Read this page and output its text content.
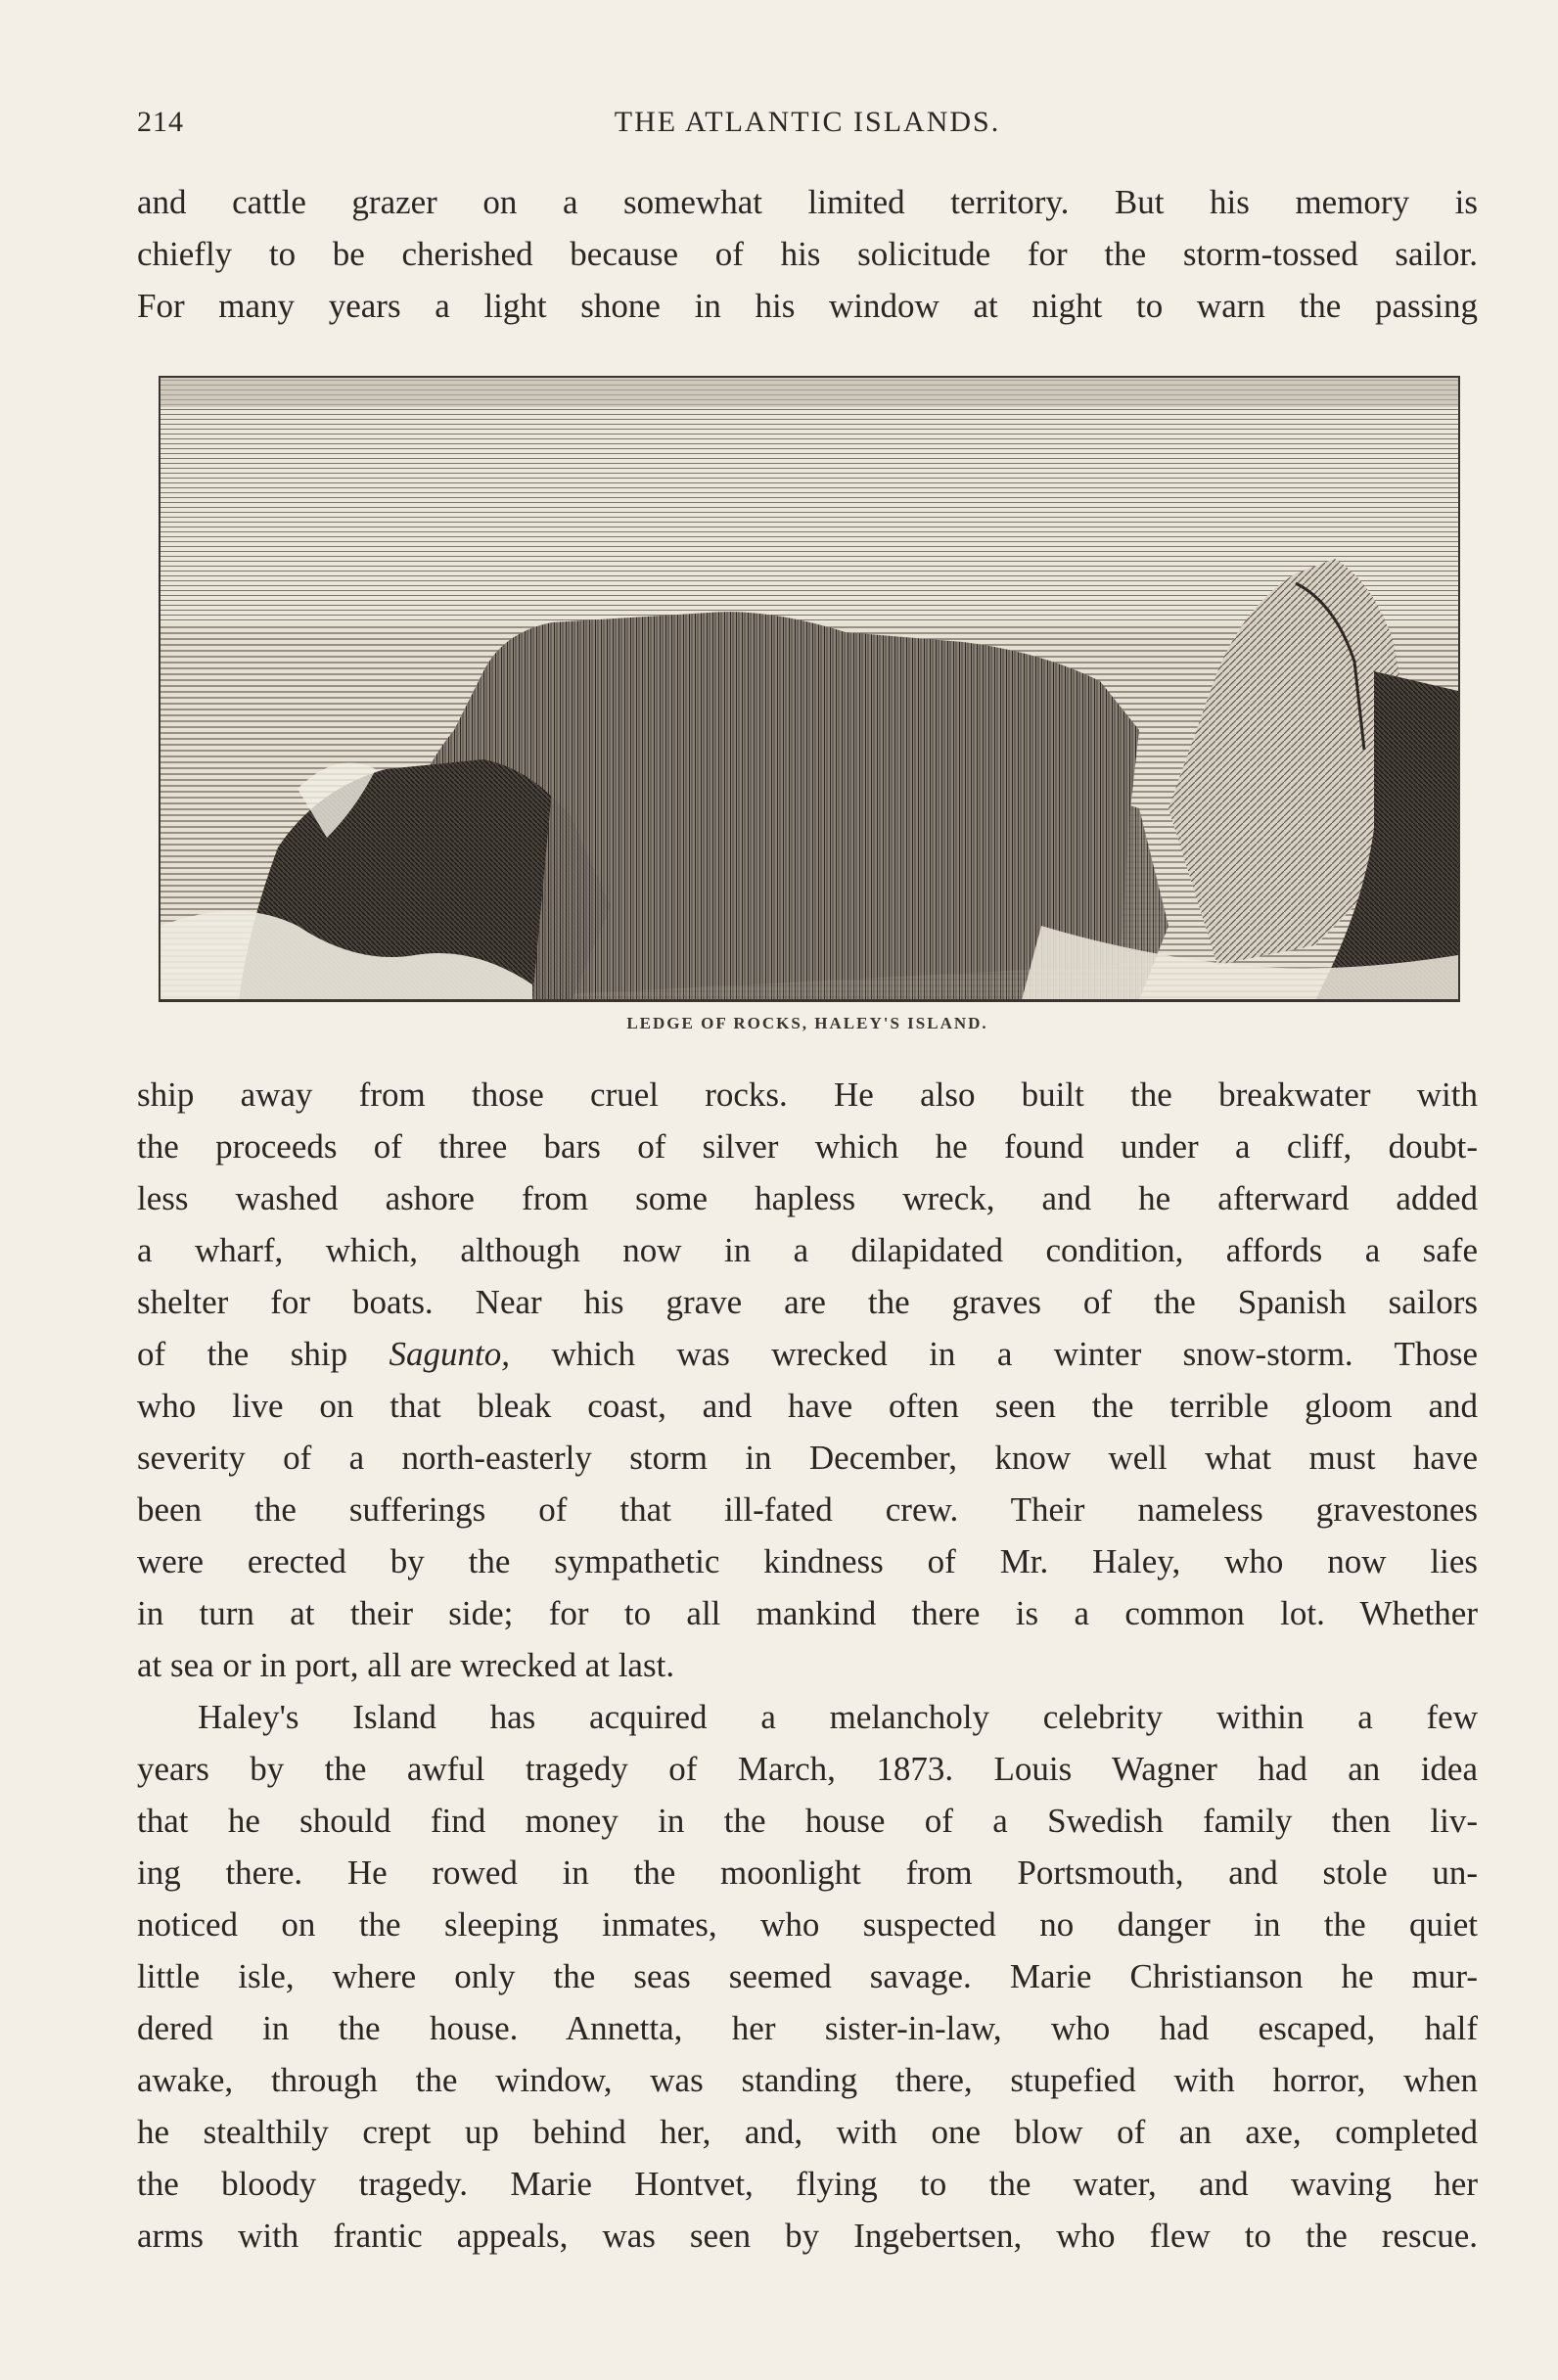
214	THE ATLANTIC ISLANDS.
and cattle grazer on a somewhat limited territory. But his memory is
chiefly to be cherished because of his solicitude for the storm-tossed sailor.
For many years a light shone in his window at night to warn the passing
LEDGE OF ROCKS, HALEY'S ISLAND.
ship away from those cruel rocks. He also built the breakwater with
the proceeds of three bars of silver which he found under a cliff, doubt-
less washed ashore from some hapless wreck, and he afterward added
a wharf, which, although now in a dilapidated condition, affords a safe
shelter for boats. Near his grave are the graves of the Spanish sailors
of the ship Sagunto, which was wrecked in a winter snow-storm. Those
who live on that bleak coast, and have often seen the terrible gloom and
severity of a north-easterly storm in December, know well what must have
been the sufferings of that ill-fated crew. Their nameless gravestones
were erected by the sympathetic kindness of Mr. Haley, who now lies
in turn at their side; for to all mankind there is a common lot. Whether
at sea or in port, all are wrecked at last.
Haley's Island has acquired a melancholy celebrity within a few
years by the awful tragedy of March, 1873. Louis Wagner had an idea
that he should find money in the house of a Swedish family then liv-
ing there. He rowed in the moonlight from Portsmouth, and stole un-
noticed on the sleeping inmates, who suspected no danger in the quiet
little isle, where only the seas seemed savage. Marie Christianson he mur-
dered in the house. Annetta, her sister-in-law, who had escaped, half
awake, through the window, was standing there, stupefied with horror, when
he stealthily crept up behind her, and, with one blow of an axe, completed
the bloody tragedy. Marie Hontvet, flying to the water, and waving her
arms with frantic appeals, was seen by Ingebertsen, who flew to the rescue.
